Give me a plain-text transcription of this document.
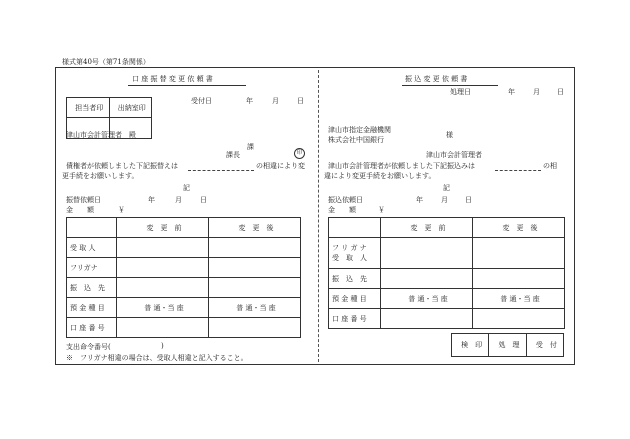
様式第40号（第71条関係）
口 座 振 替 変 更 依 頼 書
受付日	年	月	日
担当者印	出納室印

津山市会計管理者　殿
課
課長	印
債権者が依頼しました下記振替えは	の相違により変
更手続をお願いします。
記
振替依頼日	年	月	日
金　　額	￥
	変　更　前	変　更　後
受 取 人		
フリガナ		
振　込　先		
預 金 種 目	普 通・当 座	普 通・当 座
口 座 番 号		
支出命令番号(	)
※　フリガナ相違の場合は、受取人相違と記入すること。
振 込 変 更 依 頼 書
処理日	年	月 日
津山市指定金融機関
株式会社中国銀行
様
津山市会計管理者
津山市会計管理者が依頼しました下記振込みは	の相
違により変更手続をお願いします。
記
振込依頼日	年	月 日
金　　額	￥
	変　更　前	変　更　後
フ リ ガ ナ
受　取　人		
振　込　先		
預 金 種 目	普 通・当 座	普 通・当 座
口 座 番 号		
検　印	処　理	受　付
